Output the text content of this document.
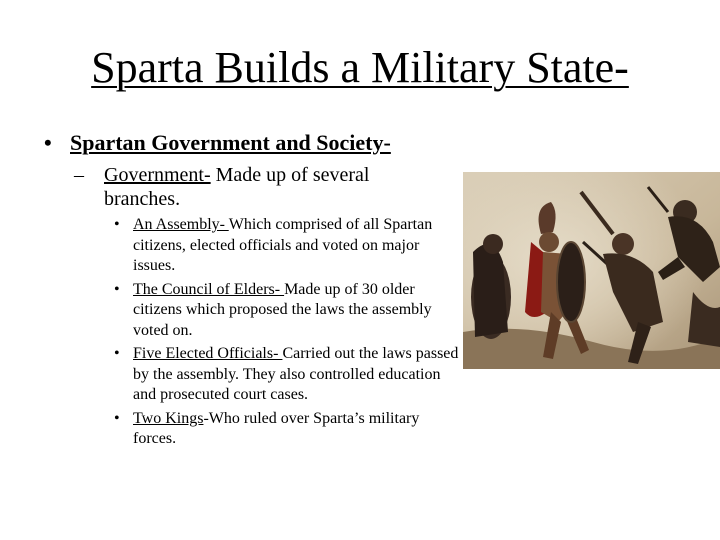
Sparta Builds a Military State-
• Spartan Government and Society-
–	Government- Made up of several branches.
• An Assembly- Which comprised of all Spartan citizens, elected officials and voted on major issues.
• The Council of Elders- Made up of 30 older citizens which proposed the laws the assembly voted on.
• Five Elected Officials- Carried out the laws passed by the assembly. They also controlled education and prosecuted court cases.
• Two Kings-Who ruled over Sparta’s military forces.
